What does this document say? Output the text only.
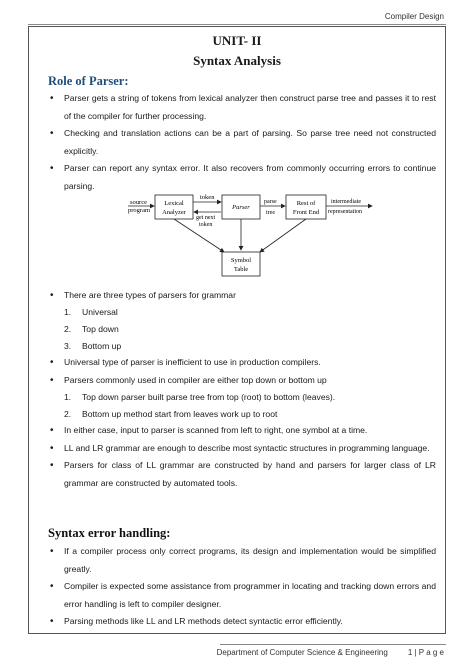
Compiler Design
UNIT- II
Syntax Analysis
Role of Parser:
• Parser gets a string of tokens from lexical analyzer then construct parse tree and passes it to rest of the compiler for further processing.
• Checking and translation actions can be a part of parsing. So parse tree need not constructed explicitly.
• Parser can report any syntax error. It also recovers from commonly occurring errors to continue parsing.
source
program
Lexical
Analyzer
token
get next
token
Parser
parse
tree
Rest of
Front End
intermediate
representation
Symbol
Table
• There are three types of parsers for grammar
1. Universal
2. Top down
3. Bottom up
• Universal type of parser is inefficient to use in production compilers.
• Parsers commonly used in compiler are either top down or bottom up
1. Top down parser built parse tree from top (root) to bottom (leaves).
2. Bottom up method start from leaves work up to root
• In either case, input to parser is scanned from left to right, one symbol at a time.
• LL and LR grammar are enough to describe most syntactic structures in programming language.
• Parsers for class of LL grammar are constructed by hand and parsers for larger class of LR grammar are constructed by automated tools.
Syntax error handling:
• If a compiler process only correct programs, its design and implementation would be simplified greatly.
• Compiler is expected some assistance from programmer in locating and tracking down errors and error handling is left to compiler designer.
• Parsing methods like LL and LR methods detect syntactic error efficiently.
Department of Computer Science & Engineering	1 | P a g e
